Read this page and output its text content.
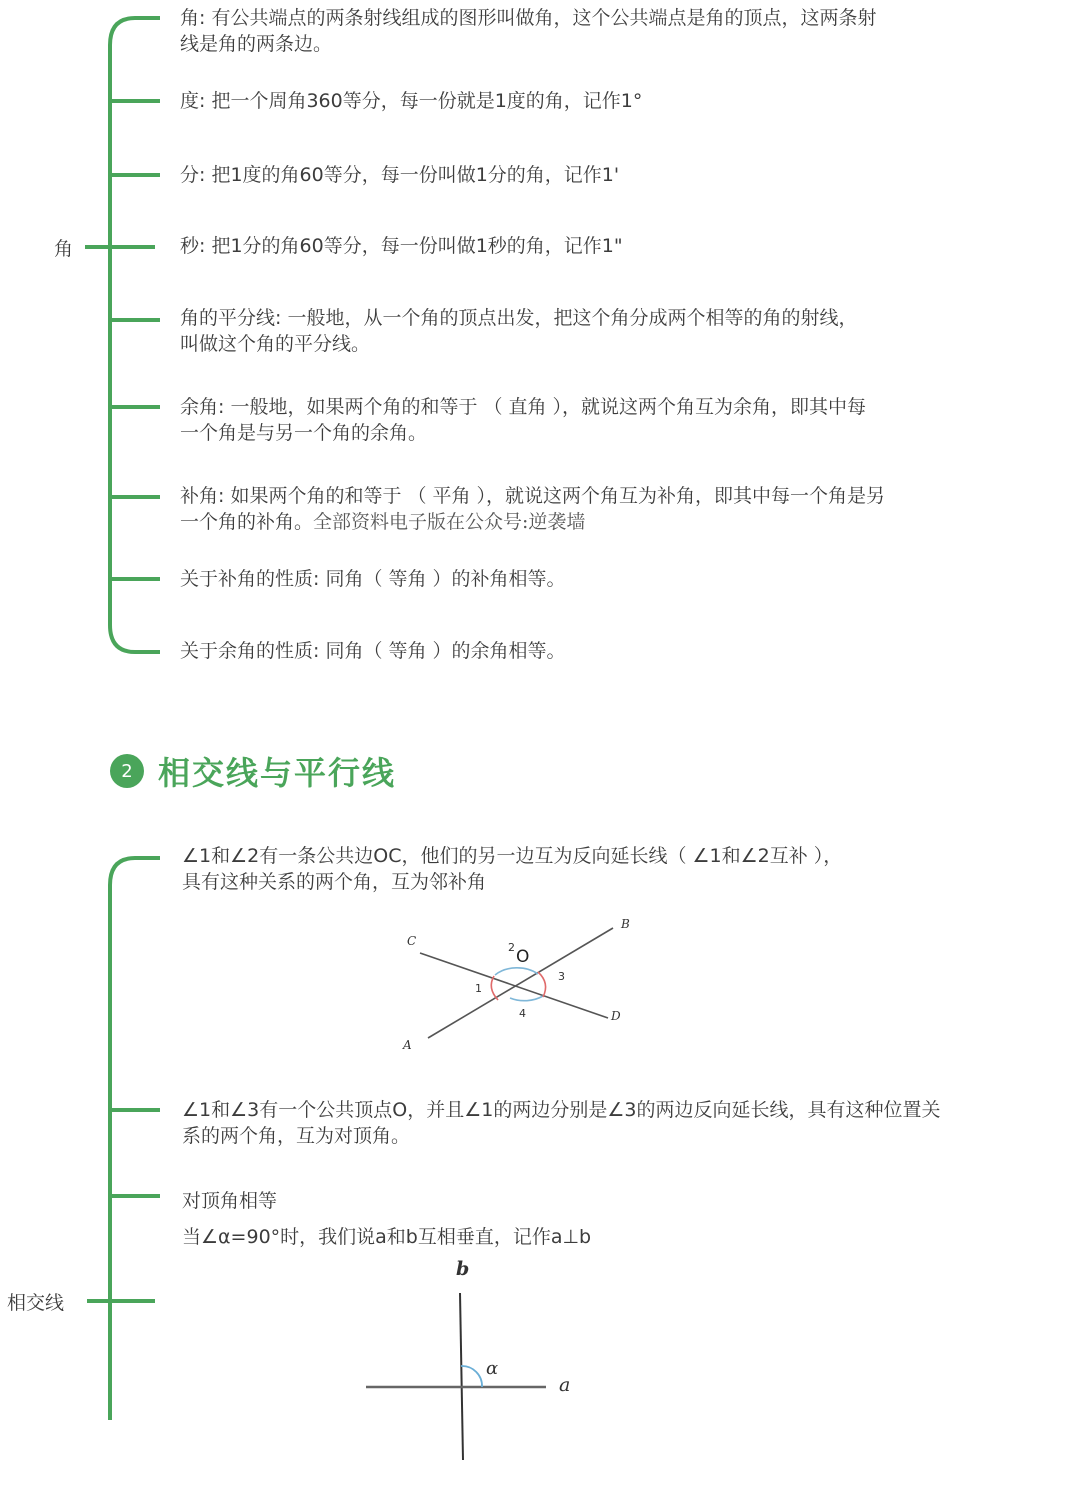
角
角: 有公共端点的两条射线组成的图形叫做角，这个公共端点是角的顶点，这两条射
线是角的两条边。
度: 把一个周角360等分，每一份就是1度的角，记作1°
分: 把1度的角60等分，每一份叫做1分的角，记作1'
秒: 把1分的角60等分，每一份叫做1秒的角，记作1"
角的平分线: 一般地，从一个角的顶点出发，把这个角分成两个相等的角的射线，
叫做这个角的平分线。
余角: 一般地，如果两个角的和等于 （ 直角 ），就说这两个角互为余角，即其中每
一个角是与另一个角的余角。
补角: 如果两个角的和等于 （ 平角 ），就说这两个角互为补角，即其中每一个角是另
一个角的补角。全部资料电子版在公众号:逆袭墙
关于补角的性质: 同角（ 等角 ）的补角相等。
关于余角的性质: 同角（ 等角 ）的余角相等。
2 相交线与平行线
相交线
∠1和∠2有一条公共边OC，他们的另一边互为反向延长线（ ∠1和∠2互补 ），
具有这种关系的两个角，互为邻补角
C
B
D
A
O
2
1
3
4
∠1和∠3有一个公共顶点O，并且∠1的两边分别是∠3的两边反向延长线，具有这种位置关
系的两个角，互为对顶角。
对顶角相等
当∠α=90°时，我们说a和b互相垂直，记作a⊥b
b
α
a
